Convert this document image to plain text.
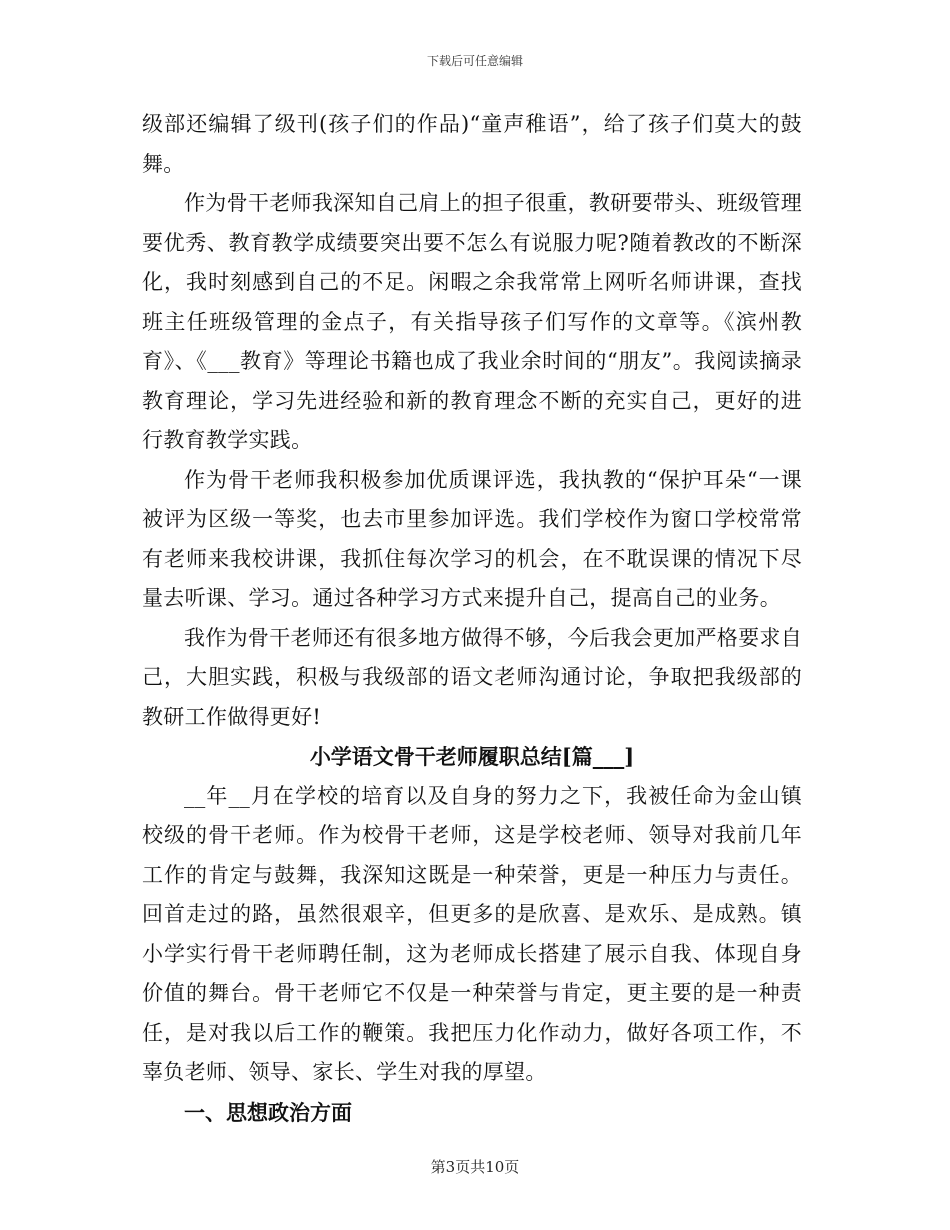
下载后可任意编辑

级部还编辑了级刊(孩子们的作品)“童声稚语”，给了孩子们莫大的鼓舞。

作为骨干老师我深知自己肩上的担子很重，教研要带头、班级管理要优秀、教育教学成绩要突出要不怎么有说服力呢?随着教改的不断深化，我时刻感到自己的不足。闲暇之余我常常上网听名师讲课，查找班主任班级管理的金点子，有关指导孩子们写作的文章等。《滨州教育》、《___教育》等理论书籍也成了我业余时间的“朋友”。我阅读摘录教育理论，学习先进经验和新的教育理念不断的充实自己，更好的进行教育教学实践。

作为骨干老师我积极参加优质课评选，我执教的“保护耳朵“一课被评为区级一等奖，也去市里参加评选。我们学校作为窗口学校常常有老师来我校讲课，我抓住每次学习的机会，在不耽误课的情况下尽量去听课、学习。通过各种学习方式来提升自己，提高自己的业务。

我作为骨干老师还有很多地方做得不够，今后我会更加严格要求自己，大胆实践，积极与我级部的语文老师沟通讨论，争取把我级部的教研工作做得更好!

小学语文骨干老师履职总结[篇___]

__年__月在学校的培育以及自身的努力之下，我被任命为金山镇校级的骨干老师。作为校骨干老师，这是学校老师、领导对我前几年工作的肯定与鼓舞，我深知这既是一种荣誉，更是一种压力与责任。回首走过的路，虽然很艰辛，但更多的是欣喜、是欢乐、是成熟。镇小学实行骨干老师聘任制，这为老师成长搭建了展示自我、体现自身价值的舞台。骨干老师它不仅是一种荣誉与肯定，更主要的是一种责任，是对我以后工作的鞭策。我把压力化作动力，做好各项工作，不辜负老师、领导、家长、学生对我的厚望。

一、思想政治方面
第3页共10页
